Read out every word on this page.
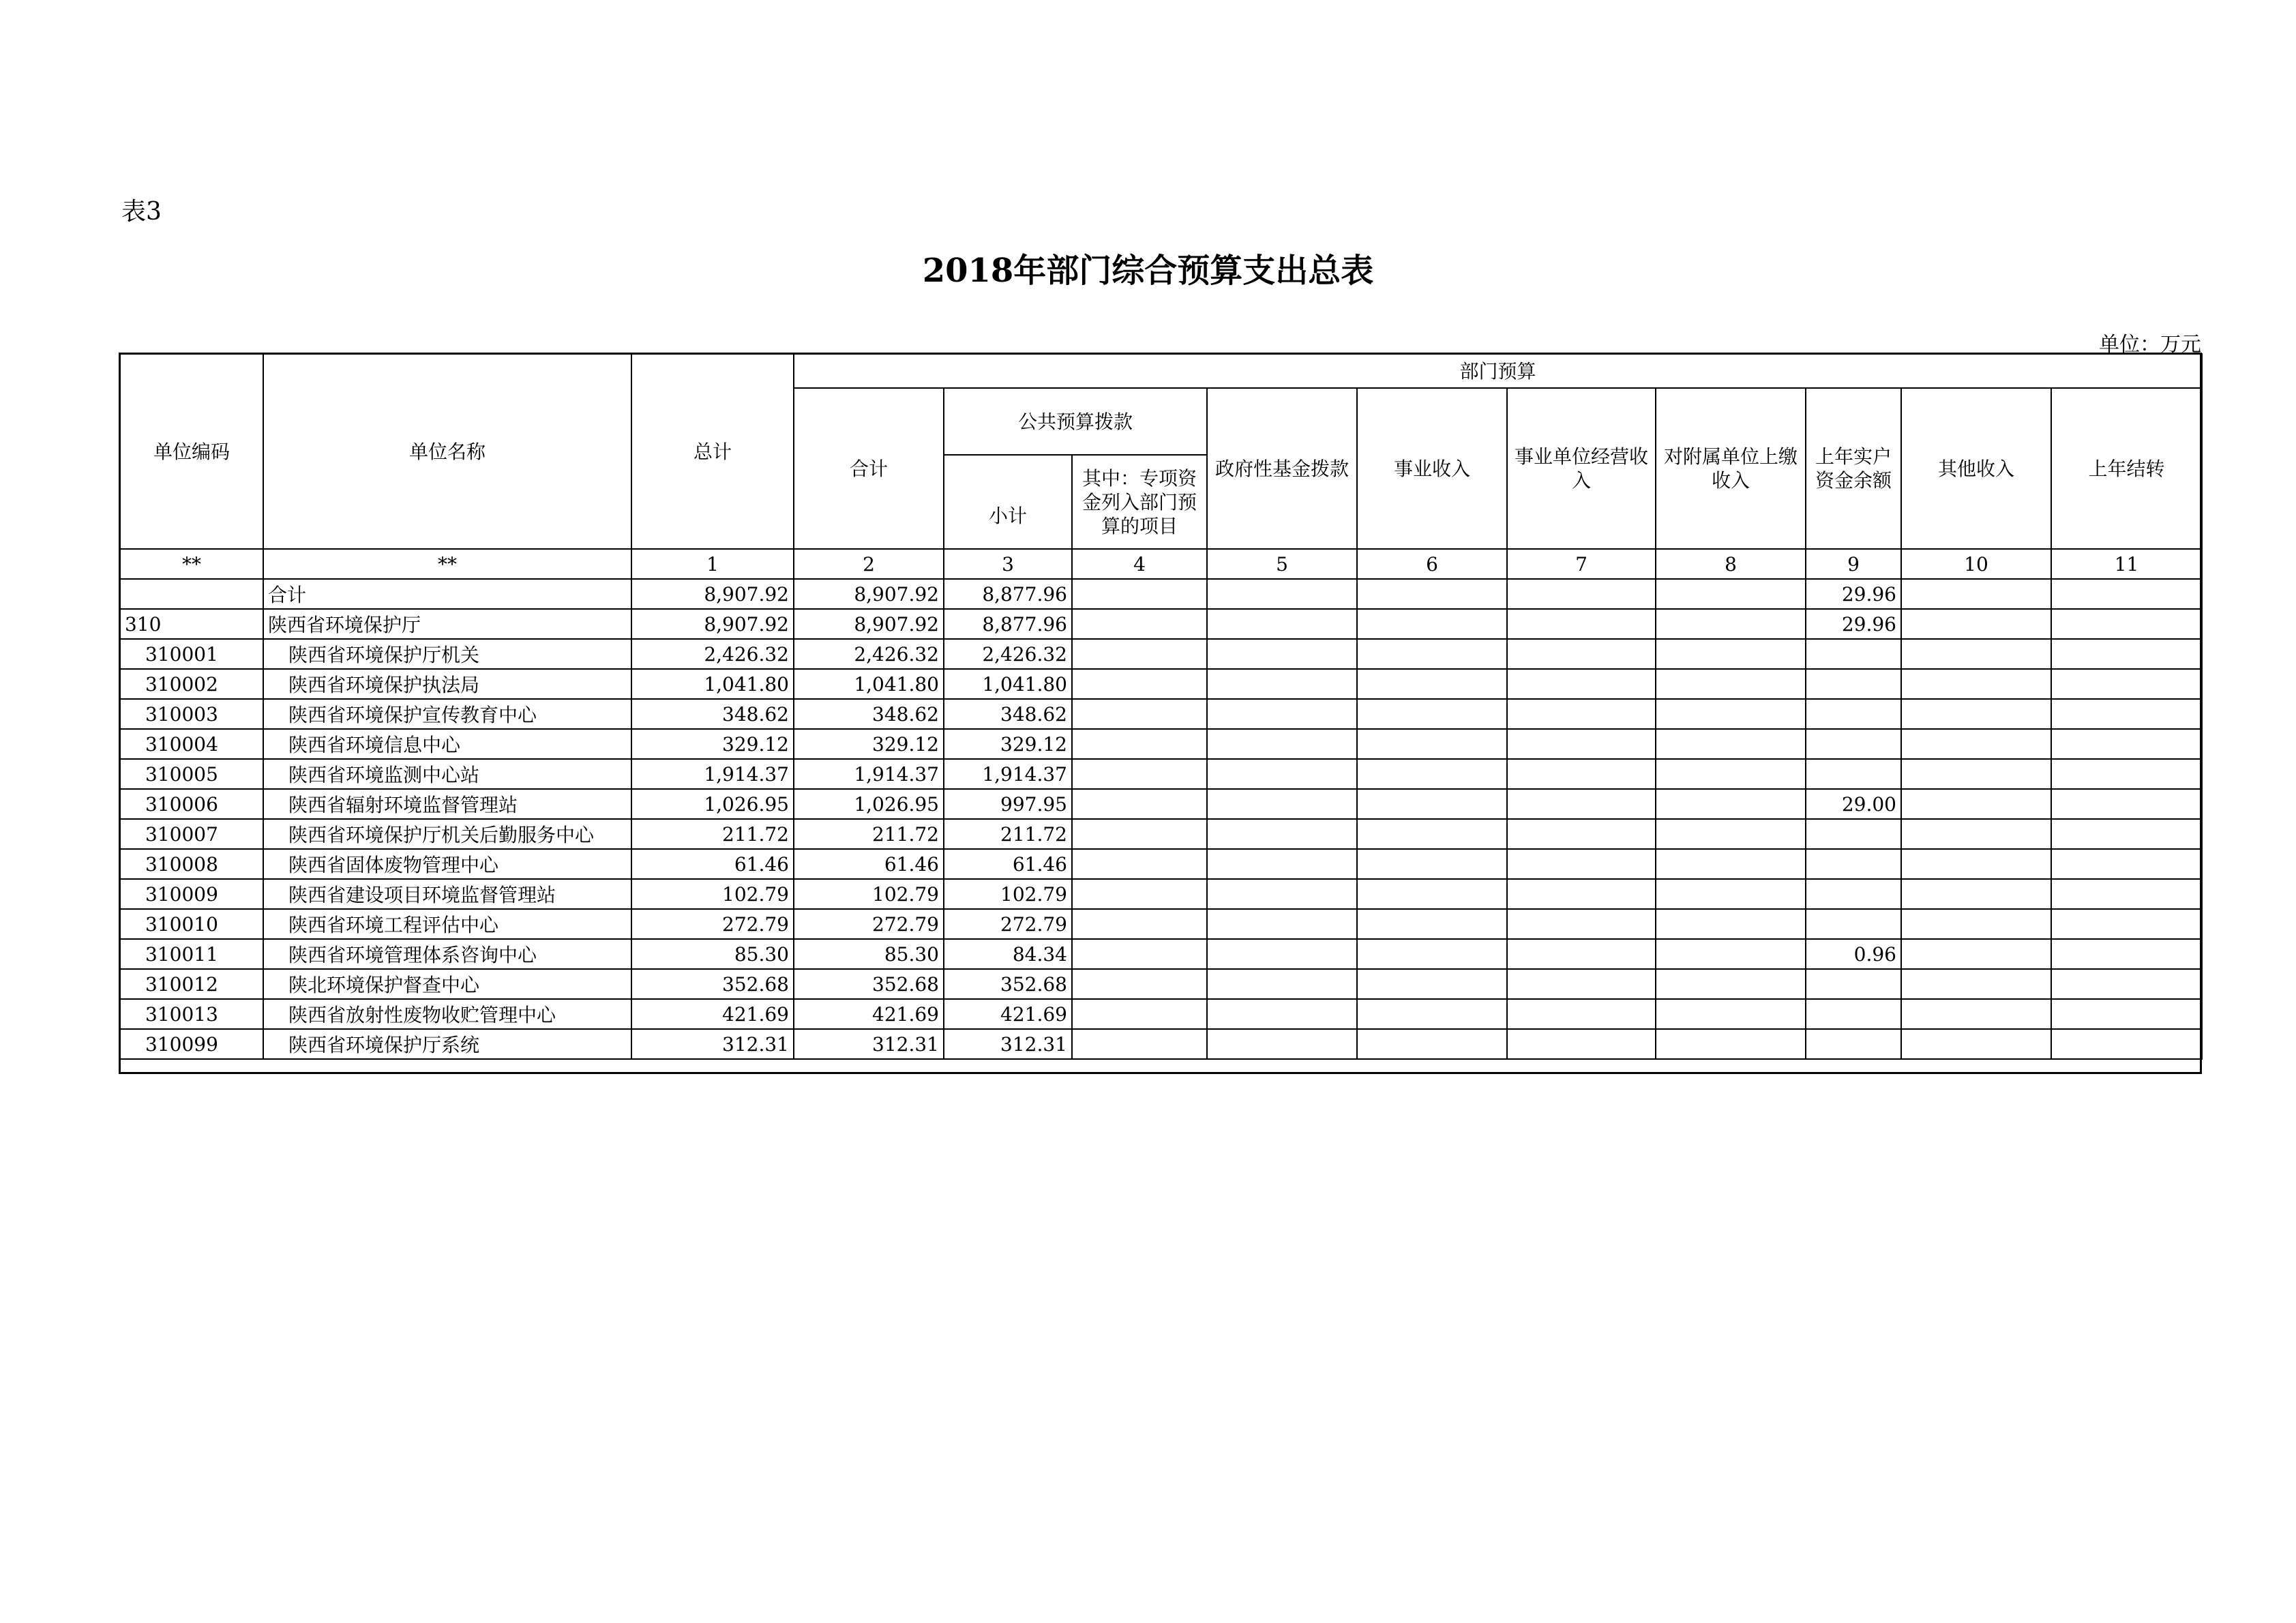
表3
2018年部门综合预算支出总表
单位：万元
单位编码	单位名称	总计	部门预算									
			合计	公共预算拨款		政府性基金拨款	事业收入	事业单位经营收入	对附属单位上缴收入	上年实户资金余额	其他收入	上年结转
				小计	其中：专项资金列入部门预算的项目							
**	**	1	2	3	4	5	6	7	8	9	10	11
	合计	8,907.92	8,907.92	8,877.96						29.96		
310	陕西省环境保护厅	8,907.92	8,907.92	8,877.96						29.96		
310001	陕西省环境保护厅机关	2,426.32	2,426.32	2,426.32								
310002	陕西省环境保护执法局	1,041.80	1,041.80	1,041.80								
310003	陕西省环境保护宣传教育中心	348.62	348.62	348.62								
310004	陕西省环境信息中心	329.12	329.12	329.12								
310005	陕西省环境监测中心站	1,914.37	1,914.37	1,914.37								
310006	陕西省辐射环境监督管理站	1,026.95	1,026.95	997.95						29.00		
310007	陕西省环境保护厅机关后勤服务中心	211.72	211.72	211.72								
310008	陕西省固体废物管理中心	61.46	61.46	61.46								
310009	陕西省建设项目环境监督管理站	102.79	102.79	102.79								
310010	陕西省环境工程评估中心	272.79	272.79	272.79								
310011	陕西省环境管理体系咨询中心	85.30	85.30	84.34						0.96		
310012	陕北环境保护督查中心	352.68	352.68	352.68								
310013	陕西省放射性废物收贮管理中心	421.69	421.69	421.69								
310099	陕西省环境保护厅系统	312.31	312.31	312.31								
